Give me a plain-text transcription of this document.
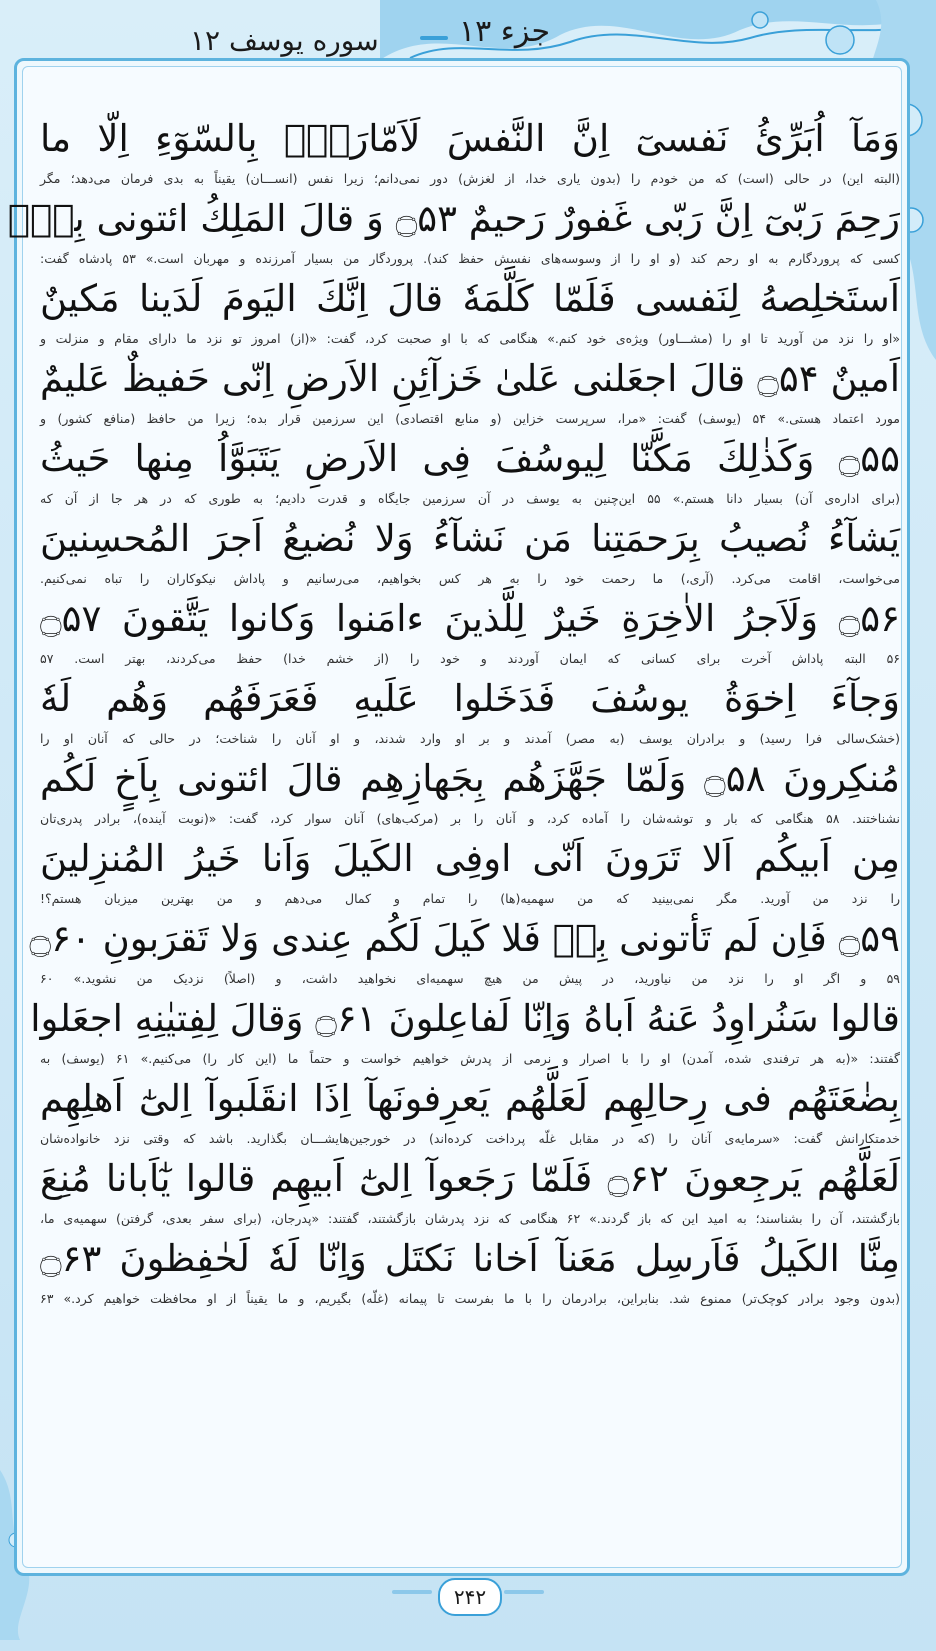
جزء ۱۳
سوره یوسف ۱۲
وَمَآ اُبَرِّئُ نَفسىٓ اِنَّ النَّفسَ لَاَمّارَةٌۢ بِالسّوٓءِ اِلّا ما
(البته این) در حالی (است) که من خودم را (بدون یاری خدا، از لغزش) دور نمی‌دانم؛ زیرا نفس (انســـان) یقیناً به بدی فرمان می‌دهد؛ مگر
رَحِمَ رَبّىٓ اِنَّ رَبّى غَفورٌ رَحيمٌ ۝۵۳ وَ قالَ المَلِكُ ائتونى بِهٖٓ
کسی که پروردگارم به او رحم کند (و او را از وسوسه‌های نفسش حفظ کند). پروردگار من بسیار آمرزنده و مهربان است.» ۵۳ پادشاه گفت:
اَستَخلِصهُ لِنَفسى فَلَمّا كَلَّمَهٗ قالَ اِنَّكَ اليَومَ لَدَينا مَكينٌ
«او را نزد من آورید تا او را (مشـــاور) ویژه‌ی خود کنم.» هنگامی که با او صحبت کرد، گفت: «(از) امروز تو نزد ما دارای مقام و منزلت و
اَمينٌ ۝۵۴ قالَ اجعَلنى عَلىٰ خَزآئِنِ الاَرضِ اِنّى حَفيظٌ عَليمٌ
مورد اعتماد هستی.» ۵۴ (یوسف) گفت: «مرا، سرپرست خزاین (و منابع اقتصادی) این سرزمین قرار بده؛ زیرا من حافظ (منافع کشور) و
۝۵۵ وَكَذٰلِكَ مَكَّنّا لِيوسُفَ فِى الاَرضِ يَتَبَوَّاُ مِنها حَيثُ
(برای اداره‌ی آن) بسیار دانا هستم.» ۵۵ این‌چنین به یوسف در آن سرزمین جایگاه و قدرت دادیم؛ به طوری که در هر جا از آن که
يَشآءُ نُصيبُ بِرَحمَتِنا مَن نَشآءُ وَلا نُضيعُ اَجرَ المُحسِنينَ
می‌خواست، اقامت می‌کرد. (آری،) ما رحمت خود را به هر کس بخواهیم، می‌رسانیم و پاداش نیکوکاران را تباه نمی‌کنیم.
۝۵۶ وَلَاَجرُ الاٰخِرَةِ خَيرٌ لِلَّذينَ ءامَنوا وَكانوا يَتَّقونَ ۝۵۷
۵۶ البته پاداش آخرت برای کسانی که ایمان آوردند و خود را (از خشم خدا) حفظ می‌کردند، بهتر است. ۵۷
وَجآءَ اِخوَةُ يوسُفَ فَدَخَلوا عَلَيهِ فَعَرَفَهُم وَهُم لَهٗ
(خشک‌سالی فرا رسید) و برادران یوسف (به مصر) آمدند و بر او وارد شدند، و او آنان را شناخت؛ در حالی که آنان او را
مُنكِرونَ ۝۵۸ وَلَمّا جَهَّزَهُم بِجَهازِهِم قالَ ائتونى بِاَخٍ لَكُم
نشناختند. ۵۸ هنگامی که بار و توشه‌شان را آماده کرد، و آنان را بر (مرکب‌های) آنان سوار کرد، گفت: «(نوبت آینده)، برادر پدری‌تان
مِن اَبيكُم اَلا تَرَونَ اَنّى اوفِى الكَيلَ وَاَنا خَيرُ المُنزِلينَ
را نزد من آورید. مگر نمی‌بینید که من سهمیه(ها) را تمام و کمال می‌دهم و من بهترین میزبان هستم؟!
۝۵۹ فَاِن لَم تَأتونى بِهٖ فَلا كَيلَ لَكُم عِندى وَلا تَقرَبونِ ۝۶۰
۵۹ و اگر او را نزد من نیاورید، در پیش من هیچ سهمیه‌ای نخواهید داشت، و (اصلاً) نزدیک من نشوید.» ۶۰
قالوا سَنُراوِدُ عَنهُ اَباهُ وَاِنّا لَفاعِلونَ ۝۶۱ وَقالَ لِفِتيٰنِهِ اجعَلوا
گفتند: «(به هر ترفندی شده، آمدن) او را با اصرار و نرمی از پدرش خواهیم خواست و حتماً ما (این کار را) می‌کنیم.» ۶۱ (یوسف) به
بِضٰعَتَهُم فى رِحالِهِم لَعَلَّهُم يَعرِفونَهآ اِذَا انقَلَبوآ اِلىٰٓ اَهلِهِم
خدمتکارانش گفت: «سرمایه‌ی آنان را (که در مقابل غلّه پرداخت کرده‌اند) در خورجین‌هایشـــان بگذارید. باشد که وقتی نزد خانواده‌شان
لَعَلَّهُم يَرجِعونَ ۝۶۲ فَلَمّا رَجَعوآ اِلىٰٓ اَبيهِم قالوا يٰٓاَبانا مُنِعَ
بازگشتند، آن را بشناسند؛ به امید این که باز گردند.» ۶۲ هنگامی که نزد پدرشان بازگشتند، گفتند: «پدرجان، (برای سفر بعدی، گرفتن) سهمیه‌ی ما،
مِنَّا الكَيلُ فَاَرسِل مَعَنآ اَخانا نَكتَل وَاِنّا لَهٗ لَحٰفِظونَ ۝۶۳
(بدون وجود برادر کوچک‌تر) ممنوع شد. بنابراین، برادرمان را با ما بفرست تا پیمانه (غلّه) بگیریم، و ما یقیناً از او محافظت خواهیم کرد.» ۶۳
۲۴۲
